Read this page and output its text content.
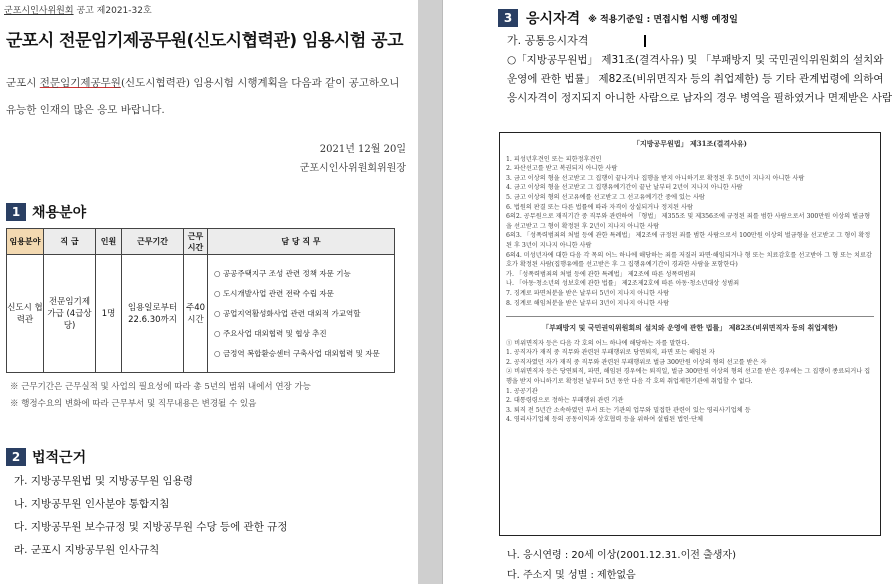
군포시인사위원회 공고 제2021-32호
군포시 전문임기제공무원(신도시협력관) 임용시험 공고
군포시 전문임기제공무원(신도시협력관) 임용시험 시행계획을 다음과 같이 공고하오니 유능한 인재의 많은 응모 바랍니다.
2021년 12월 20일
군포시인사위원회위원장
1 채용분야
임용분야	직 급	인원	근무기간	근무 시간	담 당 직 무
신도시 협력관	전문임기제 가급 (4급상당)	1명	임용일로부터 22.6.30까지	주40 시간	○ 공공주택지구 조성 관련 정책 자문 기능
○ 도시개발사업 관련 전략 수립 자문
○ 공업지역활성화사업 관련 대외적 가교역할
○ 주요사업 대외협력 및 협상 추진
○ 금정역 복합환승센터 구축사업 대외협력 및 자문
※ 근무기간은 근무실적 및 사업의 필요성에 따라 총 5년의 범위 내에서 연장 가능
※ 행정수요의 변화에 따라 근무부서 및 직무내용은 변경될 수 있음
2 법적근거
가. 지방공무원법 및 지방공무원 임용령
나. 지방공무원 인사분야 통합지침
다. 지방공무원 보수규정 및 지방공무원 수당 등에 관한 규정
라. 군포시 지방공무원 인사규칙
3 응시자격 ※ 적용기준일 : 면접시험 시행 예정일
가. 공통응시자격
○「지방공무원법」 제31조(결격사유) 및 「부패방지 및 국민권익위원회의 설치와 운영에 관한 법률」 제82조(비위면직자 등의 취업제한) 등 기타 관계법령에 의하여 응시자격이 정지되지 아니한 사람으로 남자의 경우 병역을 필하였거나 면제받은 사람
「지방공무원법」 제31조(결격사유)

1. 피성년후견인 또는 피한정후견인

2. 파산선고를 받고 복권되지 아니한 사람

3. 금고 이상의 형을 선고받고 그 집행이 끝나거나 집행을 받지 아니하기로 확정된 후 5년이 지나지 아니한 사람

4. 금고 이상의 형을 선고받고 그 집행유예기간이 끝난 날부터 2년이 지나지 아니한 사람

5. 금고 이상의 형의 선고유예를 선고받고 그 선고유예기간 중에 있는 사람

6. 법원의 판결 또는 다른 법률에 따라 자격이 상실되거나 정지된 사람

6의2. 공무원으로 재직기간 중 직무와 관련하여 「형법」 제355조 및 제356조에 규정된 죄를 범한 사람으로서 300만원 이상의 벌금형을 선고받고 그 형이 확정된 후 2년이 지나지 아니한 사람

6의3. 「성폭력범죄의 처벌 등에 관한 특례법」 제2조에 규정된 죄를 범한 사람으로서 100만원 이상의 벌금형을 선고받고 그 형이 확정된 후 3년이 지나지 아니한 사람

6의4. 미성년자에 대한 다음 각 목의 어느 하나에 해당하는 죄를 저질러 파면·해임되거나 형 또는 치료감호를 선고받아 그 형 또는 치료감호가 확정된 사람(집행유예를 선고받은 후 그 집행유예기간이 경과한 사람을 포함한다)

가. 「성폭력범죄의 처벌 등에 관한 특례법」 제2조에 따른 성폭력범죄

나. 「아동·청소년의 성보호에 관한 법률」 제2조제2호에 따른 아동·청소년대상 성범죄

7. 징계로 파면처분을 받은 날부터 5년이 지나지 아니한 사람

8. 징계로 해임처분을 받은 날부터 3년이 지나지 아니한 사람

「부패방지 및 국민권익위원회의 설치와 운영에 관한 법률」 제82조(비위면직자 등의 취업제한)

① 비위면직자 등은 다음 각 호의 어느 하나에 해당하는 자를 말한다.

1. 공직자가 재직 중 직무와 관련된 부패행위로 당연퇴직, 파면 또는 해임된 자

2. 공직자였던 자가 재직 중 직무와 관련된 부패행위로 벌금 300만원 이상의 형의 선고를 받은 자

② 비위면직자 등은 당연퇴직, 파면, 해임된 경우에는 퇴직일, 벌금 300만원 이상의 형의 선고를 받은 경우에는 그 집행이 종료되거나 집행을 받지 아니하기로 확정된 날부터 5년 동안 다음 각 호의 취업제한기관에 취업할 수 없다.

1. 공공기관

2. 대통령령으로 정하는 부패행위 관련 기관

3. 퇴직 전 5년간 소속하였던 부서 또는 기관의 업무와 밀접한 관련이 있는 영리사기업체 등

4. 영리사기업체 등의 공동이익과 상호협력 등을 위하여 설립된 법인·단체

나. 응시연령 : 20세 이상(2001.12.31.이전 출생자)
다. 주소지 및 성별 : 제한없음
